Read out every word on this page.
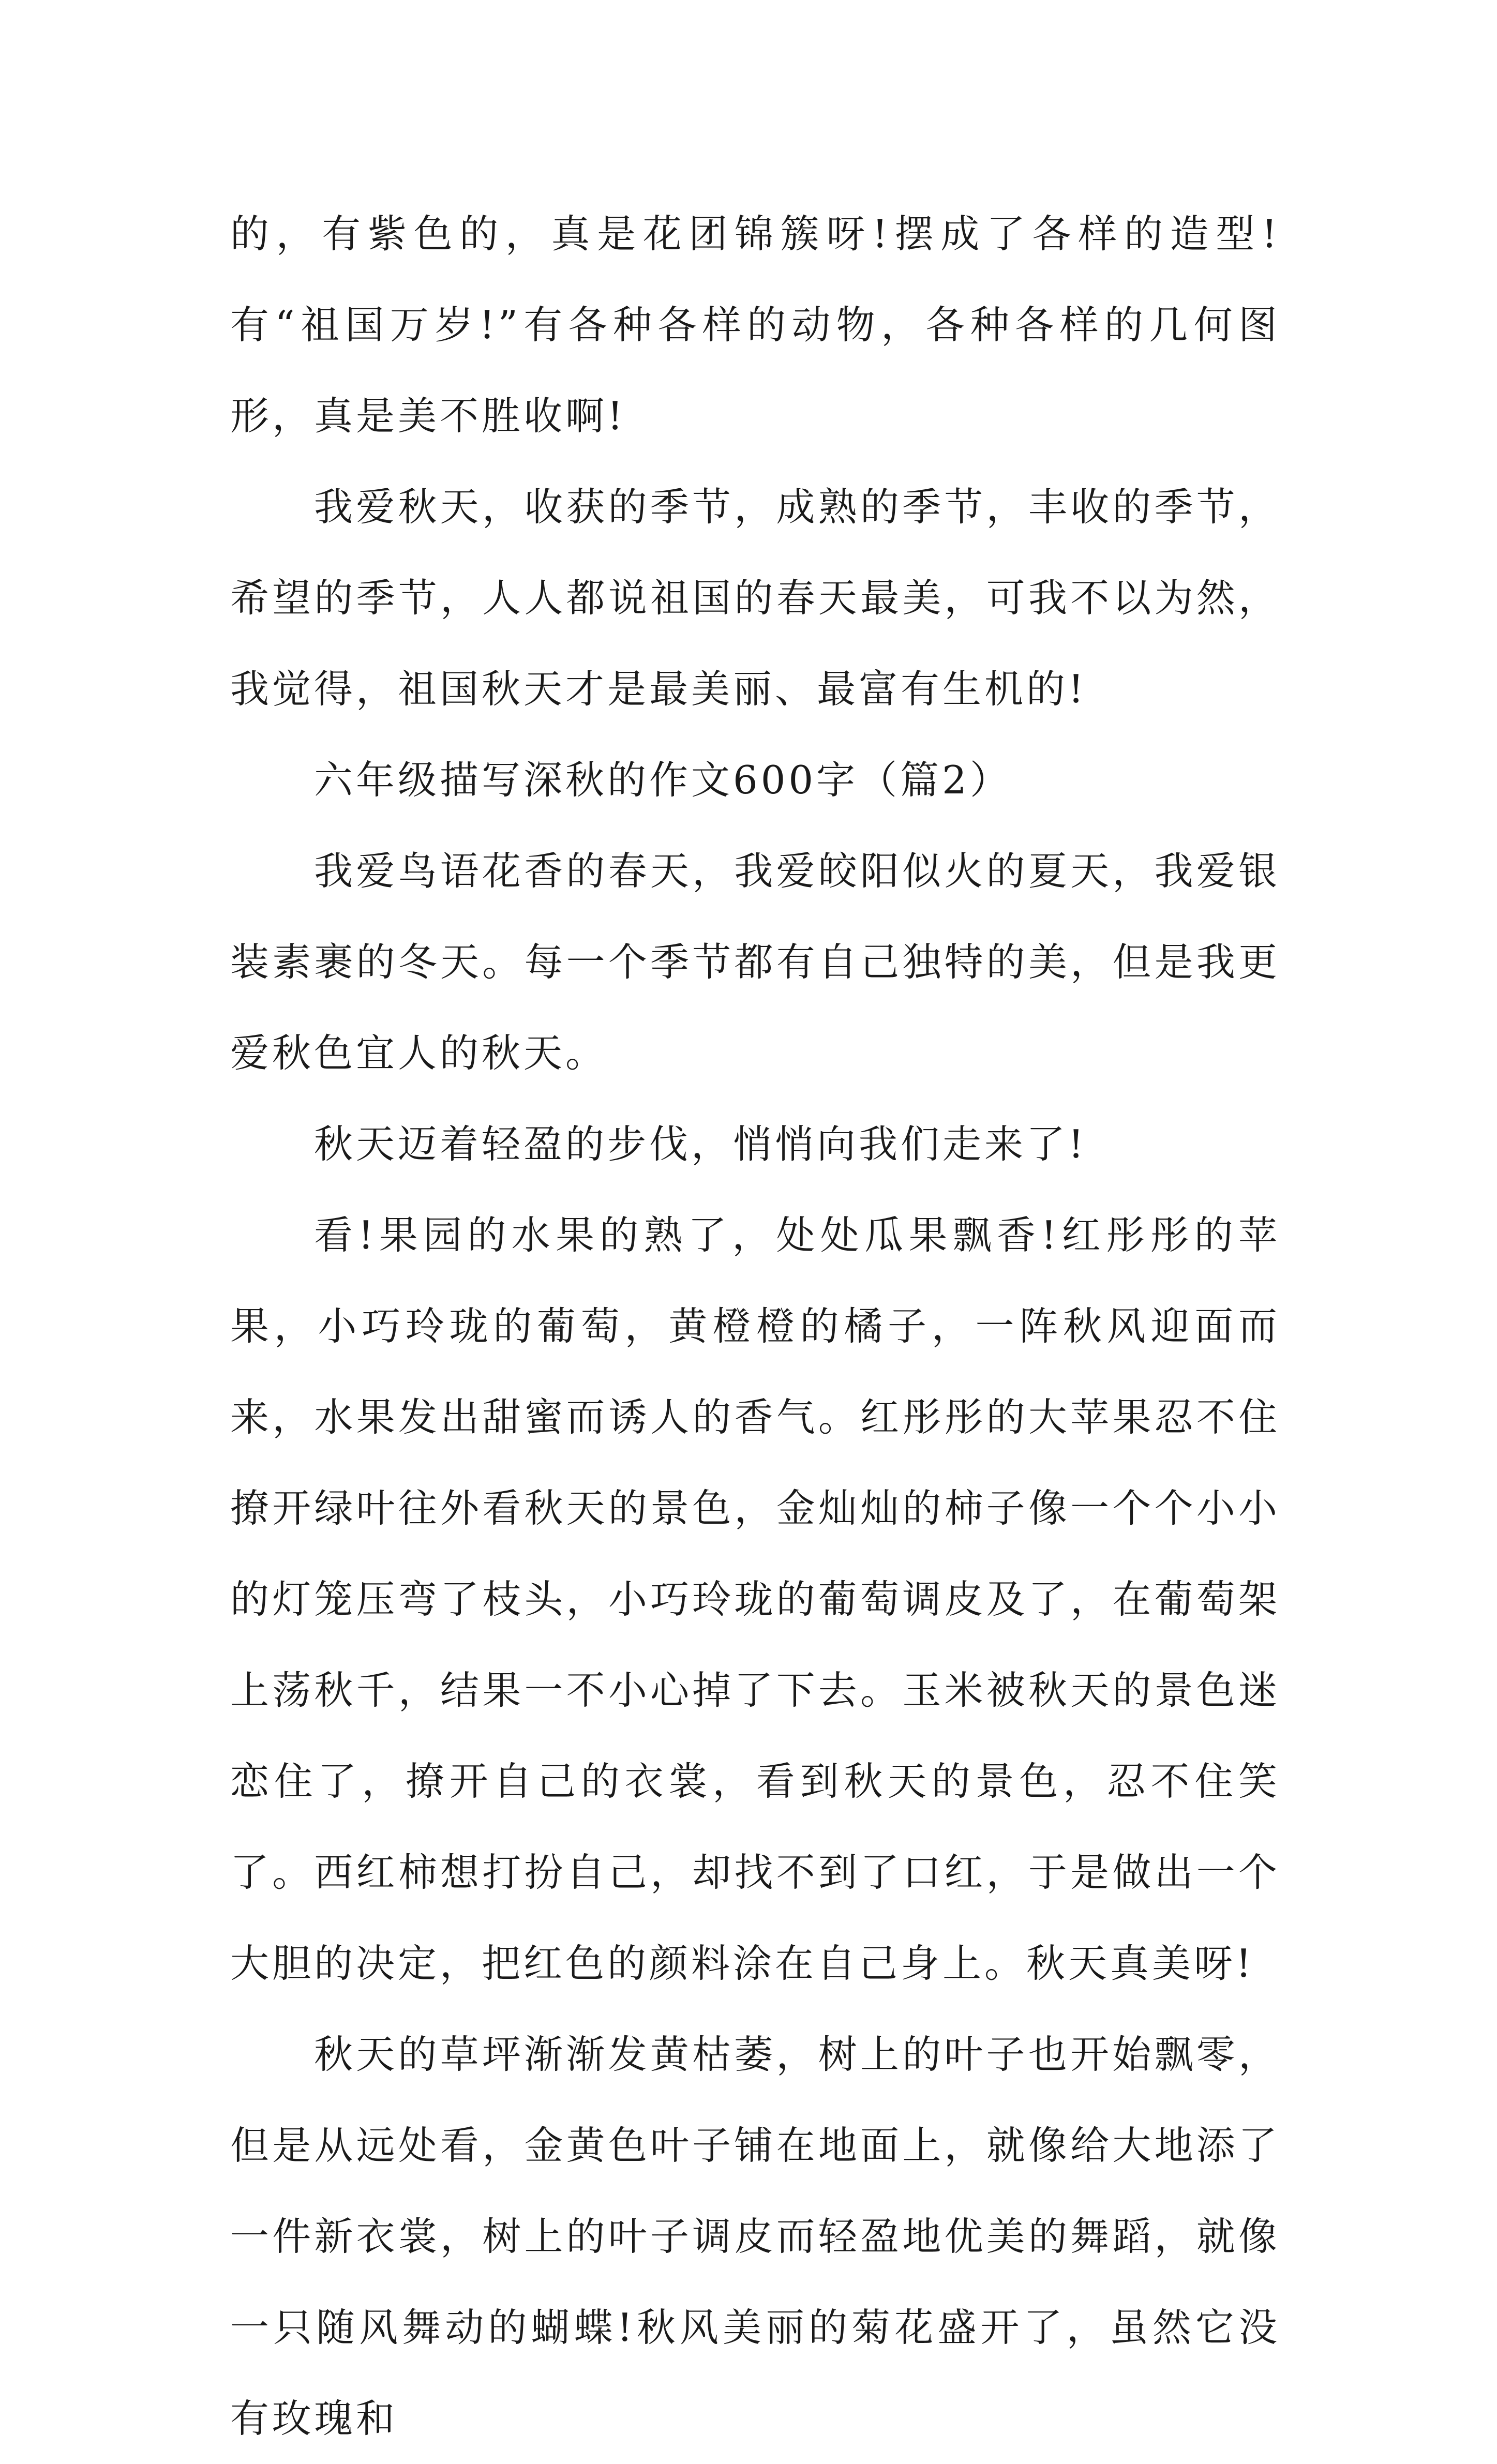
的，有紫色的，真是花团锦簇呀!摆成了各样的造型!有“祖国万岁!”有各种各样的动物，各种各样的几何图形，真是美不胜收啊!

我爱秋天，收获的季节，成熟的季节，丰收的季节，希望的季节，人人都说祖国的春天最美，可我不以为然，我觉得，祖国秋天才是最美丽、最富有生机的!

六年级描写深秋的作文600字（篇2）

我爱鸟语花香的春天，我爱皎阳似火的夏天，我爱银装素裹的冬天。每一个季节都有自己独特的美，但是我更爱秋色宜人的秋天。

秋天迈着轻盈的步伐，悄悄向我们走来了!

看!果园的水果的熟了，处处瓜果飘香!红彤彤的苹果，小巧玲珑的葡萄，黄橙橙的橘子，一阵秋风迎面而来，水果发出甜蜜而诱人的香气。红彤彤的大苹果忍不住撩开绿叶往外看秋天的景色，金灿灿的柿子像一个个小小的灯笼压弯了枝头，小巧玲珑的葡萄调皮及了，在葡萄架上荡秋千，结果一不小心掉了下去。玉米被秋天的景色迷恋住了，撩开自己的衣裳，看到秋天的景色，忍不住笑了。西红柿想打扮自己，却找不到了口红，于是做出一个大胆的决定，把红色的颜料涂在自己身上。秋天真美呀!

秋天的草坪渐渐发黄枯萎，树上的叶子也开始飘零，但是从远处看，金黄色叶子铺在地面上，就像给大地添了一件新衣裳，树上的叶子调皮而轻盈地优美的舞蹈，就像一只随风舞动的蝴蝶!秋风美丽的菊花盛开了，虽然它没有玫瑰和
